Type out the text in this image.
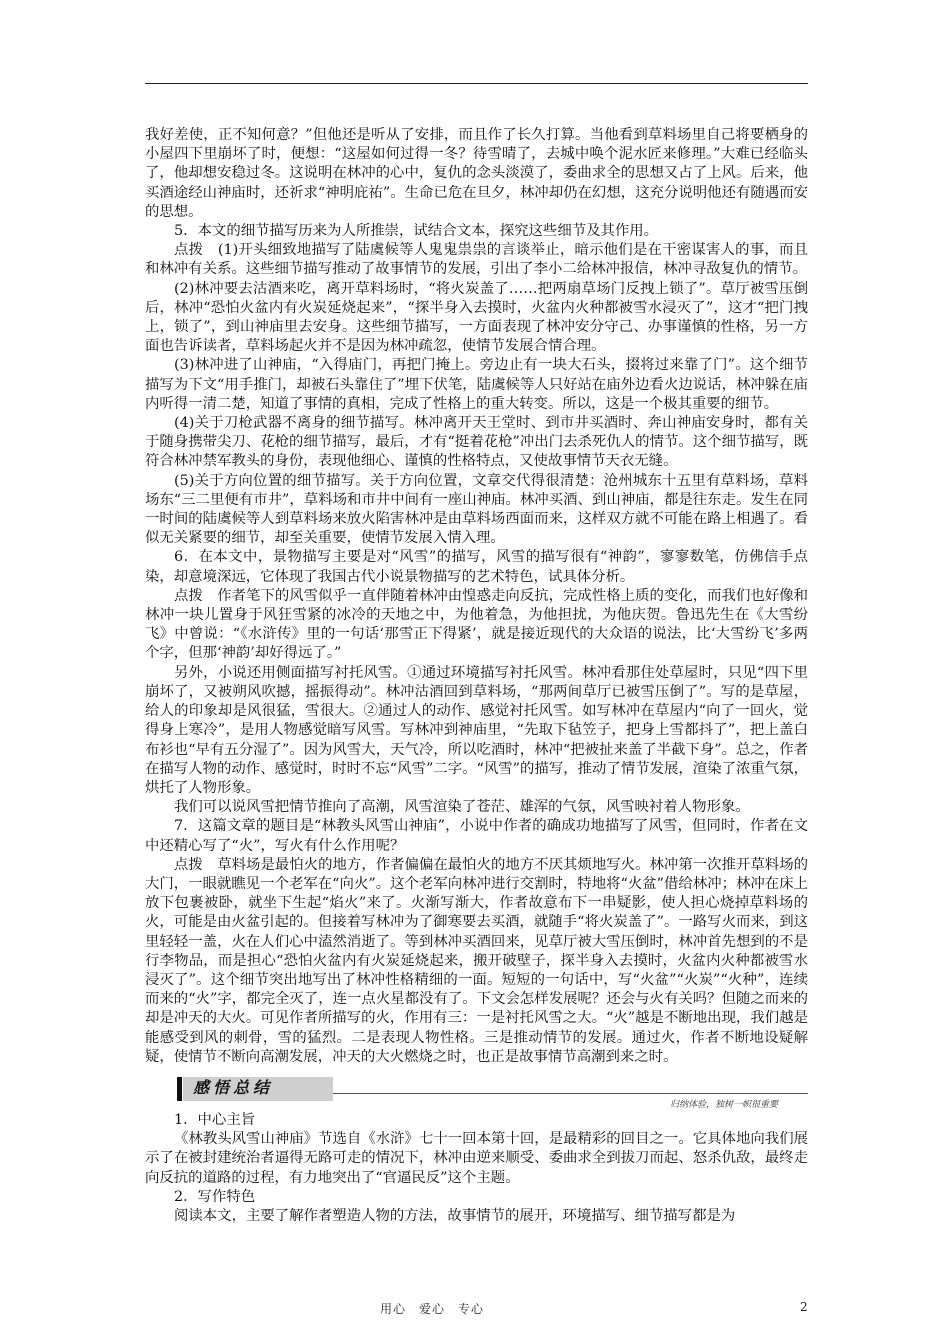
我好差使，正不知何意？”但他还是听从了安排，而且作了长久打算。当他看到草料场里自己将要栖身的小屋四下里崩坏了时，便想：“这屋如何过得一冬？待雪晴了，去城中唤个泥水匠来修理。”大难已经临头了，他却想安稳过冬。这说明在林冲的心中，复仇的念头淡漠了，委曲求全的思想又占了上风。后来，他买酒途经山神庙时，还祈求“神明庇祐”。生命已危在旦夕，林冲却仍在幻想，这充分说明他还有随遇而安的思想。

5．本文的细节描写历来为人所推崇，试结合文本，探究这些细节及其作用。

点拨　(1)开头细致地描写了陆虞候等人鬼鬼祟祟的言谈举止，暗示他们是在干密谋害人的事，而且和林冲有关系。这些细节描写推动了故事情节的发展，引出了李小二给林冲报信，林冲寻敌复仇的情节。

(2)林冲要去沽酒来吃，离开草料场时，“将火炭盖了……把两扇草场门反拽上锁了”。草厅被雪压倒后，林冲“恐怕火盆内有火炭延烧起来”，“探半身入去摸时，火盆内火种都被雪水浸灭了”，这才“把门拽上，锁了”，到山神庙里去安身。这些细节描写，一方面表现了林冲安分守己、办事谨慎的性格，另一方面也告诉读者，草料场起火并不是因为林冲疏忽，使情节发展合情合理。

(3)林冲进了山神庙，“入得庙门，再把门掩上。旁边止有一块大石头，掇将过来靠了门”。这个细节描写为下文“用手推门，却被石头靠住了”埋下伏笔，陆虞候等人只好站在庙外边看火边说话，林冲躲在庙内听得一清二楚，知道了事情的真相，完成了性格上的重大转变。所以，这是一个极其重要的细节。

(4)关于刀枪武器不离身的细节描写。林冲离开天王堂时、到市井买酒时、奔山神庙安身时，都有关于随身携带尖刀、花枪的细节描写，最后，才有“挺着花枪”冲出门去杀死仇人的情节。这个细节描写，既符合林冲禁军教头的身份，表现他细心、谨慎的性格特点，又使故事情节天衣无缝。

(5)关于方向位置的细节描写。关于方向位置，文章交代得很清楚：沧州城东十五里有草料场，草料场东“三二里便有市井”，草料场和市井中间有一座山神庙。林冲买酒、到山神庙，都是往东走。发生在同一时间的陆虞候等人到草料场来放火陷害林冲是由草料场西面而来，这样双方就不可能在路上相遇了。看似无关紧要的细节，却至关重要，使情节发展入情入理。

6．在本文中，景物描写主要是对“风雪”的描写，风雪的描写很有“神韵”，寥寥数笔，仿佛信手点染，却意境深远，它体现了我国古代小说景物描写的艺术特色，试具体分析。

点拨　作者笔下的风雪似乎一直伴随着林冲由惶惑走向反抗，完成性格上质的变化，而我们也好像和林冲一块儿置身于风狂雪紧的冰冷的天地之中，为他着急，为他担扰，为他庆贺。鲁迅先生在《大雪纷飞》中曾说：“《水浒传》里的一句话‘那雪正下得紧’，就是接近现代的大众语的说法，比‘大雪纷飞’多两个字，但那‘神韵’却好得远了。”

另外，小说还用侧面描写衬托风雪。①通过环境描写衬托风雪。林冲看那住处草屋时，只见“四下里崩坏了，又被朔风吹撼，摇振得动”。林冲沽酒回到草料场，“那两间草厅已被雪压倒了”。写的是草屋，给人的印象却是风很猛，雪很大。②通过人的动作、感觉衬托风雪。如写林冲在草屋内“向了一回火，觉得身上寒冷”，是用人物感觉暗写风雪。写林冲到神庙里，“先取下毡笠子，把身上雪都抖了”，把上盖白布衫也“早有五分湿了”。因为风雪大，天气冷，所以吃酒时，林冲“把被扯来盖了半截下身”。总之，作者在描写人物的动作、感觉时，时时不忘“风雪”二字。“风雪”的描写，推动了情节发展，渲染了浓重气氛，烘托了人物形象。

我们可以说风雪把情节推向了高潮，风雪渲染了苍茫、雄浑的气氛，风雪映衬着人物形象。

7．这篇文章的题目是“林教头风雪山神庙”，小说中作者的确成功地描写了风雪，但同时，作者在文中还精心写了“火”，写火有什么作用呢？

点拨　草料场是最怕火的地方，作者偏偏在最怕火的地方不厌其烦地写火。林冲第一次推开草料场的大门，一眼就瞧见一个老军在“向火”。这个老军向林冲进行交割时，特地将“火盆”借给林冲；林冲在床上放下包裹被卧，就坐下生起“焰火”来了。火渐写渐大，作者故意布下一串疑影，使人担心烧掉草料场的火，可能是由火盆引起的。但接着写林冲为了御寒要去买酒，就随手“将火炭盖了”。一路写火而来，到这里轻轻一盖，火在人们心中溘然消逝了。等到林冲买酒回来，见草厅被大雪压倒时，林冲首先想到的不是行李物品，而是担心“恐怕火盆内有火炭延烧起来，搬开破壁子，探半身入去摸时，火盆内火种都被雪水浸灭了”。这个细节突出地写出了林冲性格精细的一面。短短的一句话中，写“火盆”“火炭”“火种”，连续而来的“火”字，都完全灭了，连一点火星都没有了。下文会怎样发展呢？还会与火有关吗？但随之而来的却是冲天的大火。可见作者所描写的火，作用有三：一是衬托风雪之大。“火”越是不断地出现，我们越是能感受到风的刺骨，雪的猛烈。二是表现人物性格。三是推动情节的发展。通过火，作者不断地设疑解疑，使情节不断向高潮发展，冲天的大火燃烧之时，也正是故事情节高潮到来之时。

感悟总结
归纳体验，独树一帜很重要

1．中心主旨

《林教头风雪山神庙》节选自《水浒》七十一回本第十回，是最精彩的回目之一。它具体地向我们展示了在被封建统治者逼得无路可走的情况下，林冲由逆来顺受、委曲求全到拔刀而起、怒杀仇敌，最终走向反抗的道路的过程，有力地突出了“官逼民反”这个主题。

2．写作特色

阅读本文，主要了解作者塑造人物的方法，故事情节的展开，环境描写、细节描写都是为

用心　爱心　专心	2
